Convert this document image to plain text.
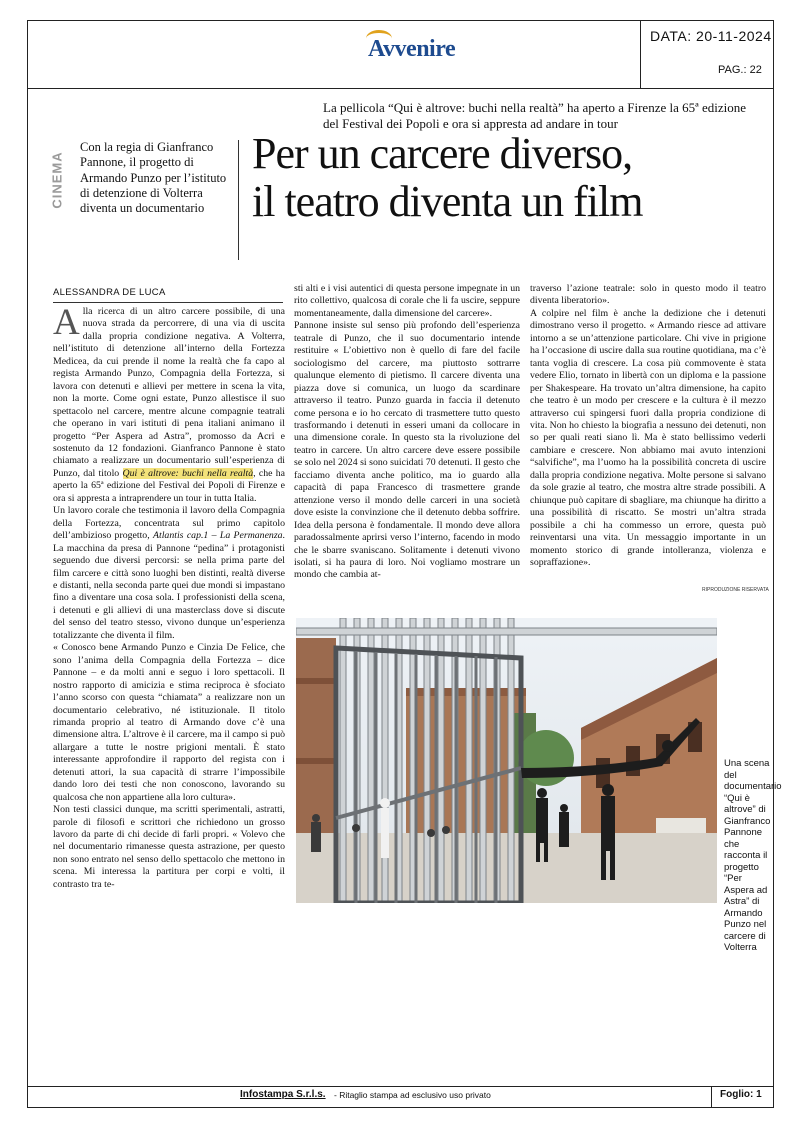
Avvenire	DATA: 20-11-2024
PAG.: 22
La pellicola “Qui è altrove: buchi nella realtà” ha aperto a Firenze la 65ª edizione del Festival dei Popoli e ora si appresta ad andare in tour
CINEMA
Con la regia di Gianfranco Pannone, il progetto di Armando Punzo per l’istituto di detenzione di Volterra diventa un documentario
Per un carcere diverso,
il teatro diventa un film
ALESSANDRA DE LUCA

Alla ricerca di un altro carcere possibile, di una nuova strada da percorrere, di una via di uscita dalla propria condizione negativa. A Volterra, nell’istituto di detenzione all’interno della Fortezza Medicea, da cui prende il nome la realtà che fa capo al regista Armando Punzo, Compagnia della Fortezza, si lavora con detenuti e allievi per mettere in scena la vita, non la morte. Come ogni estate, Punzo allestisce il suo spettacolo nel carcere, mentre alcune compagnie teatrali che operano in vari istituti di pena italiani animano il progetto “Per Aspera ad Astra”, promosso da Acri e sostenuto da 12 fondazioni. Gianfranco Pannone è stato chiamato a realizzare un documentario sull’esperienza di Punzo, dal titolo Qui è altrove: buchi nella realtà, che ha aperto la 65ª edizione del Festival dei Popoli di Firenze e ora si appresta a intraprendere un tour in tutta Italia.

Un lavoro corale che testimonia il lavoro della Compagnia della Fortezza, concentrata sul primo capitolo dell’ambizioso progetto, Atlantis cap.1 – La Permanenza. La macchina da presa di Pannone “pedina” i protagonisti seguendo due diversi percorsi: se nella prima parte del film carcere e città sono luoghi ben distinti, realtà diverse e distanti, nella seconda parte quei due mondi si impastano fino a diventare una cosa sola. I professionisti della scena, i detenuti e gli allievi di una masterclass dove si discute del senso del teatro stesso, vivono dunque un’esperienza totalizzante che diventa il film.

« Conosco bene Armando Punzo e Cinzia De Felice, che sono l’anima della Compagnia della Fortezza – dice Pannone – e da molti anni e seguo i loro spettacoli. Il nostro rapporto di amicizia e stima reciproca è sfociato l’anno scorso con questa “chiamata” a realizzare non un documentario celebrativo, né istituzionale. Il titolo rimanda proprio al teatro di Armando dove c’è una dimensione altra. L’altrove è il carcere, ma il campo si può allargare a tutte le nostre prigioni mentali. È stato interessante approfondire il rapporto del regista con i detenuti attori, la sua capacità di strarre l’impossibile dando loro dei testi che non conoscono, lavorando su qualcosa che non appartiene alla loro cultura».

Non testi classici dunque, ma scritti sperimentali, astratti, parole di filosofi e scrittori che richiedono un grosso lavoro da parte di chi decide di farli propri. « Volevo che nel documentario rimanesse questa astrazione, per questo non sono entrato nel senso dello spettacolo che mettono in scena. Mi interessa la partitura per corpi e volti, il contrasto tra te-

sti alti e i visi autentici di questa persone impegnate in un rito collettivo, qualcosa di corale che li fa uscire, seppure momentaneamente, dalla dimensione del carcere».

Pannone insiste sul senso più profondo dell’esperienza teatrale di Punzo, che il suo documentario intende restituire « L’obiettivo non è quello di fare del facile sociologismo del carcere, ma piuttosto sottrarre qualunque elemento di pietismo. Il carcere diventa una piazza dove si comunica, un luogo da scardinare attraverso il teatro. Punzo guarda in faccia il detenuto come persona e io ho cercato di trasmettere tutto questo trasformando i detenuti in esseri umani da collocare in una dimensione corale. In questo sta la rivoluzione del teatro in carcere. Un altro carcere deve essere possibile se solo nel 2024 si sono suicidati 70 detenuti. Il gesto che facciamo diventa anche politico, ma io guardo alla capacità di papa Francesco di trasmettere grande attenzione verso il mondo delle carceri in una società dove esiste la convinzione che il detenuto debba soffrire. Idea della persona è fondamentale. Il mondo deve allora paradossalmente aprirsi verso l’interno, facendo in modo che le sbarre svaniscano. Solitamente i detenuti vivono isolati, si ha paura di loro. Noi vogliamo mostrare un mondo che cambia at-

traverso l’azione teatrale: solo in questo modo il teatro diventa liberatorio».

A colpire nel film è anche la dedizione che i detenuti dimostrano verso il progetto. « Armando riesce ad attivare intorno a se un’attenzione particolare. Chi vive in prigione ha l’occasione di uscire dalla sua routine quotidiana, ma c’è tanta voglia di crescere. La cosa più commovente è stata vedere Elio, tornato in libertà con un diploma e la passione per Shakespeare. Ha trovato un’altra dimensione, ha capito che teatro è un modo per crescere e la cultura è il mezzo attraverso cui spingersi fuori dalla propria condizione di vita. Non ho chiesto la biografia a nessuno dei detenuti, non so per quali reati siano lì. Ma è stato bellissimo vederli cambiare e crescere. Non abbiamo mai avuto intenzioni “salvifiche”, ma l’uomo ha la possibilità concreta di uscire dalla propria condizione negativa. Molte persone si salvano da sole grazie al teatro, che mostra altre strade possibili. A chiunque può capitare di sbagliare, ma chiunque ha diritto a una possibilità di riscatto. Se mostri un’altra strada possibile a chi ha commesso un errore, questa può reinventarsi una vita. Un messaggio importante in un momento storico di grande intolleranza, violenza e sopraffazione».

RIPRODUZIONE RISERVATA
Una scena del documentario “Qui è altrove” di Gianfranco Pannone che racconta il progetto “Per Aspera ad Astra” di Armando Punzo nel carcere di Volterra
Infostampa S.r.l.s. - Ritaglio stampa ad esclusivo uso privato	Foglio: 1
